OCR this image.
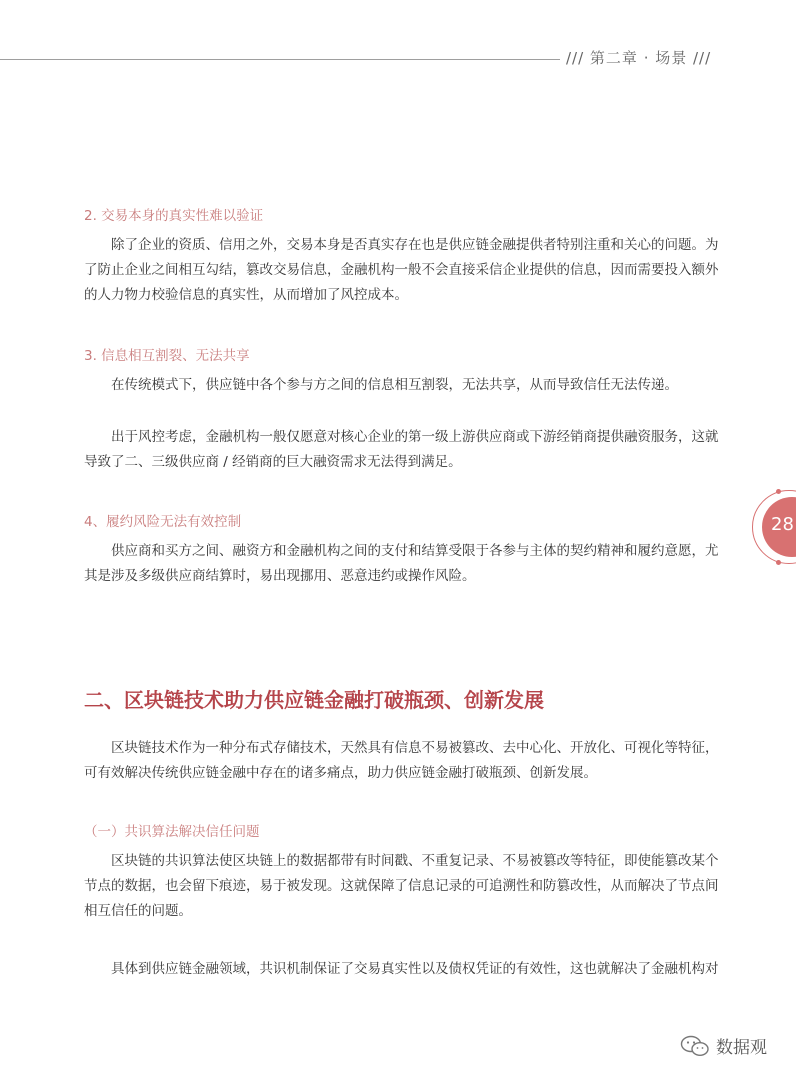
/// 第二章 · 场景 ///
28
2. 交易本身的真实性难以验证
除了企业的资质、信用之外，交易本身是否真实存在也是供应链金融提供者特别注重和关心的问题。为
了防止企业之间相互勾结，篡改交易信息，金融机构一般不会直接采信企业提供的信息，因而需要投入额外
的人力物力校验信息的真实性，从而增加了风控成本。
3. 信息相互割裂、无法共享
在传统模式下，供应链中各个参与方之间的信息相互割裂，无法共享，从而导致信任无法传递。
出于风控考虑，金融机构一般仅愿意对核心企业的第一级上游供应商或下游经销商提供融资服务，这就
导致了二、三级供应商 / 经销商的巨大融资需求无法得到满足。
4、履约风险无法有效控制
供应商和买方之间、融资方和金融机构之间的支付和结算受限于各参与主体的契约精神和履约意愿，尤
其是涉及多级供应商结算时，易出现挪用、恶意违约或操作风险。
二、区块链技术助力供应链金融打破瓶颈、创新发展
区块链技术作为一种分布式存储技术，天然具有信息不易被篡改、去中心化、开放化、可视化等特征，
可有效解决传统供应链金融中存在的诸多痛点，助力供应链金融打破瓶颈、创新发展。
（一）共识算法解决信任问题
区块链的共识算法使区块链上的数据都带有时间戳、不重复记录、不易被篡改等特征，即使能篡改某个
节点的数据，也会留下痕迹，易于被发现。这就保障了信息记录的可追溯性和防篡改性，从而解决了节点间
相互信任的问题。
具体到供应链金融领域，共识机制保证了交易真实性以及债权凭证的有效性，这也就解决了金融机构对
数据观
